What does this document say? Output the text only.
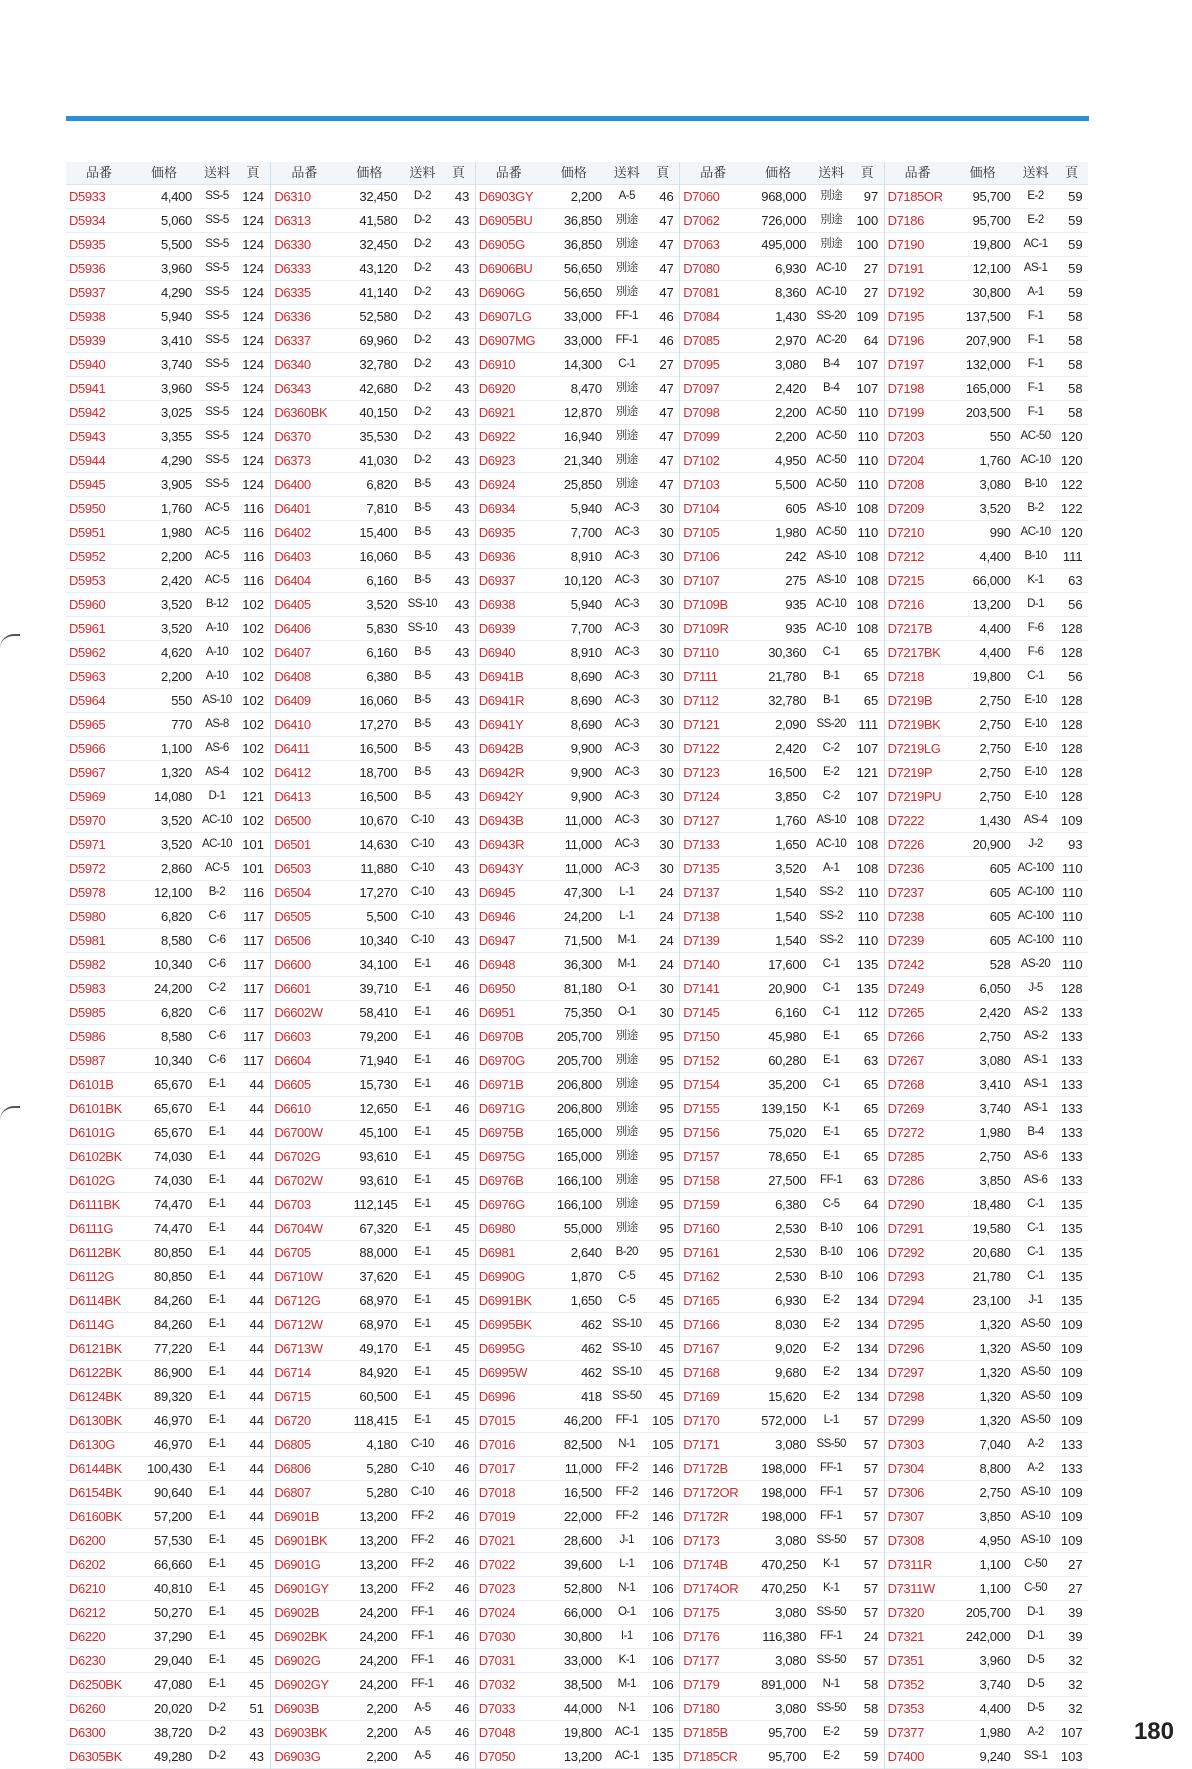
品番	価格	送料	頁
D5933	4,400	SS-5	124
D5934	5,060	SS-5	124
D5935	5,500	SS-5	124
D5936	3,960	SS-5	124
D5937	4,290	SS-5	124
D5938	5,940	SS-5	124
D5939	3,410	SS-5	124
D5940	3,740	SS-5	124
D5941	3,960	SS-5	124
D5942	3,025	SS-5	124
D5943	3,355	SS-5	124
D5944	4,290	SS-5	124
D5945	3,905	SS-5	124
D5950	1,760	AC-5	116
D5951	1,980	AC-5	116
D5952	2,200	AC-5	116
D5953	2,420	AC-5	116
D5960	3,520	B-12	102
D5961	3,520	A-10	102
D5962	4,620	A-10	102
D5963	2,200	A-10	102
D5964	550 AS-10 102
D5965	770	AS-8	102
D5966	1,100	AS-6	102
D5967	1,320	AS-4	102
D5969	14,080	D-1	121
D5970	3,520 AC-10 102
D5971	3,520 AC-10 101
D5972	2,860	AC-5	101
D5978	12,100	B-2	116
D5980	6,820	C-6	117
D5981	8,580	C-6	117
D5982	10,340	C-6	117
D5983	24,200	C-2	117
D5985	6,820	C-6	117
D5986	8,580	C-6	117
D5987	10,340	C-6	117
D6101B	65,670	E-1	44
D6101BK	65,670	E-1	44
D6101G	65,670	E-1	44
D6102BK	74,030	E-1	44
D6102G	74,030	E-1	44
D6111BK	74,470	E-1	44
D6111G	74,470	E-1	44
D6112BK	80,850	E-1	44
D6112G	80,850	E-1	44
D6114BK	84,260	E-1	44
D6114G	84,260	E-1	44
D6121BK	77,220	E-1	44
D6122BK	86,900	E-1	44
D6124BK	89,320	E-1	44
D6130BK	46,970	E-1	44
D6130G	46,970	E-1	44
D6144BK	100,430	E-1	44
D6154BK	90,640	E-1	44
D6160BK	57,200	E-1	44
D6200	57,530	E-1	45
D6202	66,660	E-1	45
D6210	40,810	E-1	45
D6212	50,270	E-1	45
D6220	37,290	E-1	45
D6230	29,040	E-1	45
D6250BK	47,080	E-1	45
D6260	20,020	D-2	51
D6300	38,720	D-2	43
D6305BK	49,280	D-2	43
品番	価格	送料	頁
D6310	32,450	D-2	43
D6313	41,580	D-2	43
D6330	32,450	D-2	43
D6333	43,120	D-2	43
D6335	41,140	D-2	43
D6336	52,580	D-2	43
D6337	69,960	D-2	43
D6340	32,780	D-2	43
D6343	42,680	D-2	43
D6360BK	40,150	D-2	43
D6370	35,530	D-2	43
D6373	41,030	D-2	43
D6400	6,820	B-5	43
D6401	7,810	B-5	43
D6402	15,400	B-5	43
D6403	16,060	B-5	43
D6404	6,160	B-5	43
D6405	3,520 SS-10	43
D6406	5,830 SS-10	43
D6407	6,160	B-5	43
D6408	6,380	B-5	43
D6409	16,060	B-5	43
D6410	17,270	B-5	43
D6411	16,500	B-5	43
D6412	18,700	B-5	43
D6413	16,500	B-5	43
D6500	10,670	C-10	43
D6501	14,630	C-10	43
D6503	11,880	C-10	43
D6504	17,270	C-10	43
D6505	5,500	C-10	43
D6506	10,340	C-10	43
D6600	34,100	E-1	46
D6601	39,710	E-1	46
D6602W	58,410	E-1	46
D6603	79,200	E-1	46
D6604	71,940	E-1	46
D6605	15,730	E-1	46
D6610	12,650	E-1	46
D6700W	45,100	E-1	45
D6702G	93,610	E-1	45
D6702W	93,610	E-1	45
D6703	112,145	E-1	45
D6704W	67,320	E-1	45
D6705	88,000	E-1	45
D6710W	37,620	E-1	45
D6712G	68,970	E-1	45
D6712W	68,970	E-1	45
D6713W	49,170	E-1	45
D6714	84,920	E-1	45
D6715	60,500	E-1	45
D6720	118,415	E-1	45
D6805	4,180	C-10	46
D6806	5,280	C-10	46
D6807	5,280	C-10	46
D6901B	13,200	FF-2	46
D6901BK	13,200	FF-2	46
D6901G	13,200	FF-2	46
D6901GY	13,200	FF-2	46
D6902B	24,200	FF-1	46
D6902BK	24,200	FF-1	46
D6902G	24,200	FF-1	46
D6902GY	24,200	FF-1	46
D6903B	2,200	A-5	46
D6903BK	2,200	A-5	46
D6903G	2,200	A-5	46
品番	価格	送料	頁
D6903GY	2,200	A-5	46
D6905BU	36,850	別途	47
D6905G	36,850	別途	47
D6906BU	56,650	別途	47
D6906G	56,650	別途	47
D6907LG	33,000	FF-1	46
D6907MG	33,000	FF-1	46
D6910	14,300	C-1	27
D6920	8,470	別途	47
D6921	12,870	別途	47
D6922	16,940	別途	47
D6923	21,340	別途	47
D6924	25,850	別途	47
D6934	5,940	AC-3	30
D6935	7,700	AC-3	30
D6936	8,910	AC-3	30
D6937	10,120	AC-3	30
D6938	5,940	AC-3	30
D6939	7,700	AC-3	30
D6940	8,910	AC-3	30
D6941B	8,690	AC-3	30
D6941R	8,690	AC-3	30
D6941Y	8,690	AC-3	30
D6942B	9,900	AC-3	30
D6942R	9,900	AC-3	30
D6942Y	9,900	AC-3	30
D6943B	11,000	AC-3	30
D6943R	11,000	AC-3	30
D6943Y	11,000	AC-3	30
D6945	47,300	L-1	24
D6946	24,200	L-1	24
D6947	71,500	M-1	24
D6948	36,300	M-1	24
D6950	81,180	O-1	30
D6951	75,350	O-1	30
D6970B	205,700	別途	95
D6970G	205,700	別途	95
D6971B	206,800	別途	95
D6971G	206,800	別途	95
D6975B	165,000	別途	95
D6975G	165,000	別途	95
D6976B	166,100	別途	95
D6976G	166,100	別途	95
D6980	55,000	別途	95
D6981	2,640	B-20	95
D6990G	1,870	C-5	45
D6991BK	1,650	C-5	45
D6995BK	462 SS-10	45
D6995G	462 SS-10	45
D6995W	462 SS-10	45
D6996	418 SS-50	45
D7015	46,200	FF-1	105
D7016	82,500	N-1	105
D7017	11,000	FF-2	146
D7018	16,500	FF-2	146
D7019	22,000	FF-2	146
D7021	28,600	J-1	106
D7022	39,600	L-1	106
D7023	52,800	N-1	106
D7024	66,000	O-1	106
D7030	30,800	I-1	106
D7031	33,000	K-1	106
D7032	38,500	M-1	106
D7033	44,000	N-1	106
D7048	19,800	AC-1	135
D7050	13,200	AC-1	135
品番	価格	送料	頁
D7060	968,000	別途	97
D7062	726,000	別途	100
D7063	495,000	別途	100
D7080	6,930 AC-10	27
D7081	8,360 AC-10	27
D7084	1,430 SS-20 109
D7085	2,970 AC-20	64
D7095	3,080	B-4	107
D7097	2,420	B-4	107
D7098	2,200 AC-50 110
D7099	2,200 AC-50 110
D7102	4,950 AC-50 110
D7103	5,500 AC-50 110
D7104	605 AS-10 108
D7105	1,980 AC-50 110
D7106	242 AS-10 108
D7107	275 AS-10 108
D7109B	935 AC-10 108
D7109R	935 AC-10 108
D7110	30,360	C-1	65
D7111	21,780	B-1	65
D7112	32,780	B-1	65
D7121	2,090 SS-20 111
D7122	2,420	C-2	107
D7123	16,500	E-2	121
D7124	3,850	C-2	107
D7127	1,760 AS-10 108
D7133	1,650 AC-10 108
D7135	3,520	A-1	108
D7137	1,540	SS-2	110
D7138	1,540	SS-2	110
D7139	1,540	SS-2	110
D7140	17,600	C-1	135
D7141	20,900	C-1	135
D7145	6,160	C-1	112
D7150	45,980	E-1	65
D7152	60,280	E-1	63
D7154	35,200	C-1	65
D7155	139,150	K-1	65
D7156	75,020	E-1	65
D7157	78,650	E-1	65
D7158	27,500	FF-1	63
D7159	6,380	C-5	64
D7160	2,530	B-10	106
D7161	2,530	B-10	106
D7162	2,530	B-10	106
D7165	6,930	E-2	134
D7166	8,030	E-2	134
D7167	9,020	E-2	134
D7168	9,680	E-2	134
D7169	15,620	E-2	134
D7170	572,000	L-1	57
D7171	3,080 SS-50	57
D7172B	198,000	FF-1	57
D7172OR	198,000	FF-1	57
D7172R	198,000	FF-1	57
D7173	3,080 SS-50	57
D7174B	470,250	K-1	57
D7174OR	470,250	K-1	57
D7175	3,080 SS-50	57
D7176	116,380	FF-1	24
D7177	3,080 SS-50	57
D7179	891,000	N-1	58
D7180	3,080 SS-50	58
D7185B	95,700	E-2	59
D7185CR	95,700	E-2	59
品番	価格	送料	頁
D7185OR	95,700	E-2	59
D7186	95,700	E-2	59
D7190	19,800	AC-1	59
D7191	12,100	AS-1	59
D7192	30,800	A-1	59
D7195	137,500	F-1	58
D7196	207,900	F-1	58
D7197	132,000	F-1	58
D7198	165,000	F-1	58
D7199	203,500	F-1	58
D7203	550 AC-50 120
D7204	1,760 AC-10 120
D7208	3,080	B-10	122
D7209	3,520	B-2	122
D7210	990 AC-10 120
D7212	4,400	B-10	111
D7215	66,000	K-1	63
D7216	13,200	D-1	56
D7217B	4,400	F-6	128
D7217BK	4,400	F-6	128
D7218	19,800	C-1	56
D7219B	2,750	E-10	128
D7219BK	2,750	E-10	128
D7219LG	2,750	E-10	128
D7219P	2,750	E-10	128
D7219PU	2,750	E-10	128
D7222	1,430	AS-4	109
D7226	20,900	J-2	93
D7236	605 AC-100 110
D7237	605 AC-100 110
D7238	605 AC-100 110
D7239	605 AC-100 110
D7242	528 AS-20 110
D7249	6,050	J-5	128
D7265	2,420	AS-2	133
D7266	2,750	AS-2	133
D7267	3,080	AS-1	133
D7268	3,410	AS-1	133
D7269	3,740	AS-1	133
D7272	1,980	B-4	133
D7285	2,750	AS-6	133
D7286	3,850	AS-6	133
D7290	18,480	C-1	135
D7291	19,580	C-1	135
D7292	20,680	C-1	135
D7293	21,780	C-1	135
D7294	23,100	J-1	135
D7295	1,320 AS-50 109
D7296	1,320 AS-50 109
D7297	1,320 AS-50 109
D7298	1,320 AS-50 109
D7299	1,320 AS-50 109
D7303	7,040	A-2	133
D7304	8,800	A-2	133
D7306	2,750 AS-10 109
D7307	3,850 AS-10 109
D7308	4,950 AS-10 109
D7311R	1,100	C-50	27
D7311W	1,100	C-50	27
D7320	205,700	D-1	39
D7321	242,000	D-1	39
D7351	3,960	D-5	32
D7352	3,740	D-5	32
D7353	4,400	D-5	32
D7377	1,980	A-2	107
D7400	9,240	SS-1	103
180
